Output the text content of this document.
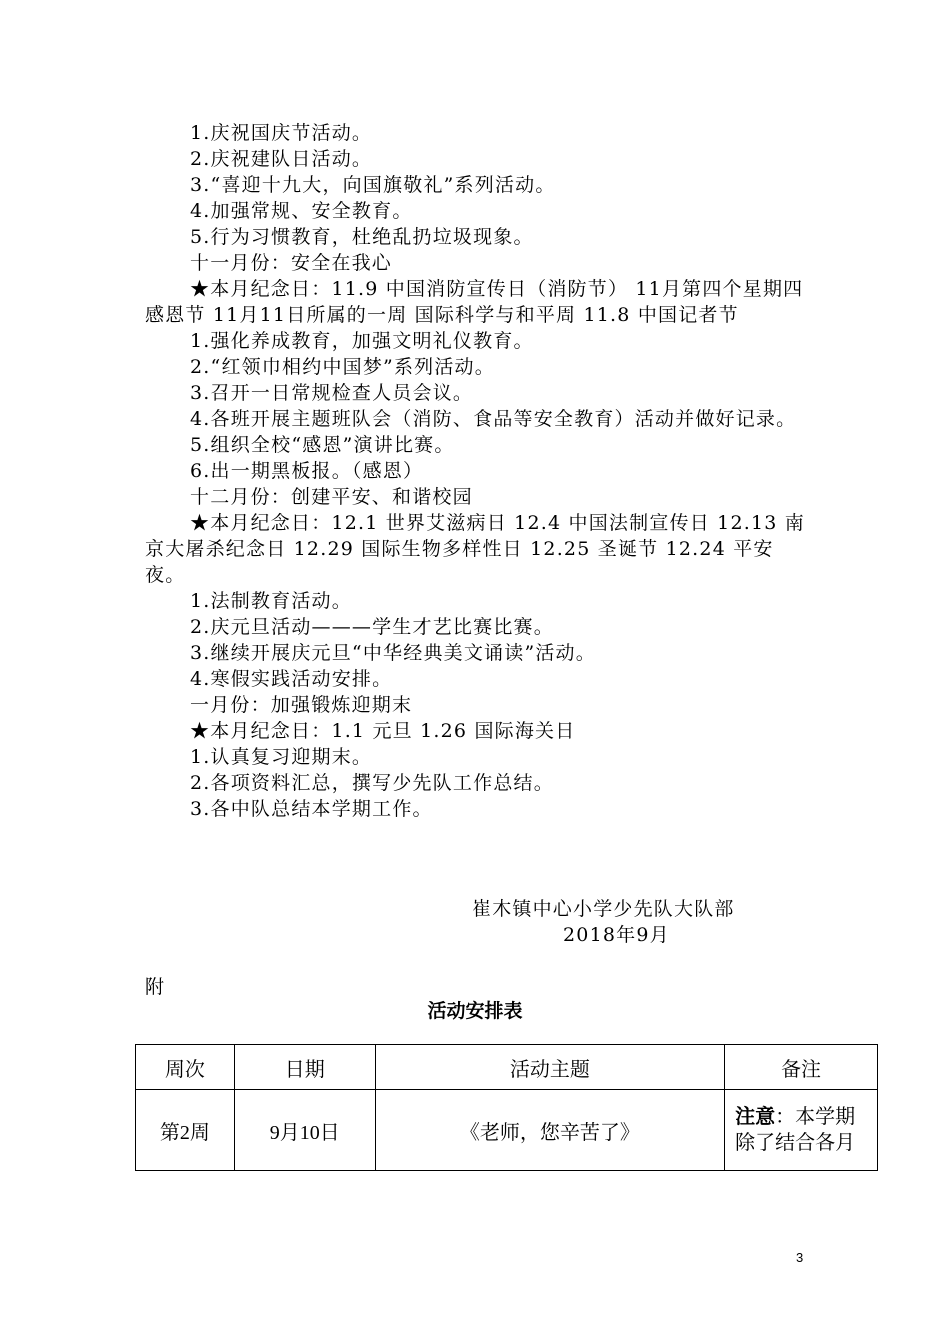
1.庆祝国庆节活动。
2.庆祝建队日活动。
3.“喜迎十九大，向国旗敬礼”系列活动。
4.加强常规、安全教育。
5.行为习惯教育，杜绝乱扔垃圾现象。
十一月份：安全在我心
★本月纪念日：11.9 中国消防宣传日（消防节） 11月第四个星期四 感恩节 11月11日所属的一周 国际科学与和平周 11.8 中国记者节
1.强化养成教育，加强文明礼仪教育。
2.“红领巾相约中国梦”系列活动。
3.召开一日常规检查人员会议。
4.各班开展主题班队会（消防、食品等安全教育）活动并做好记录。
5.组织全校“感恩”演讲比赛。
6.出一期黑板报。（感恩）
十二月份：创建平安、和谐校园
★本月纪念日：12.1 世界艾滋病日 12.4 中国法制宣传日 12.13 南京大屠杀纪念日 12.29 国际生物多样性日 12.25 圣诞节 12.24 平安夜。
1.法制教育活动。
2.庆元旦活动———学生才艺比赛比赛。
3.继续开展庆元旦“中华经典美文诵读”活动。
4.寒假实践活动安排。
一月份：加强锻炼迎期末
★本月纪念日：1.1 元旦 1.26 国际海关日
1.认真复习迎期末。
2.各项资料汇总，撰写少先队工作总结。
3.各中队总结本学期工作。
崔木镇中心小学少先队大队部
2018年9月
附
活动安排表
周次	日期	活动主题	备注
第2周	9月10日	《老师，您辛苦了》	注意：本学期除了结合各月
3
